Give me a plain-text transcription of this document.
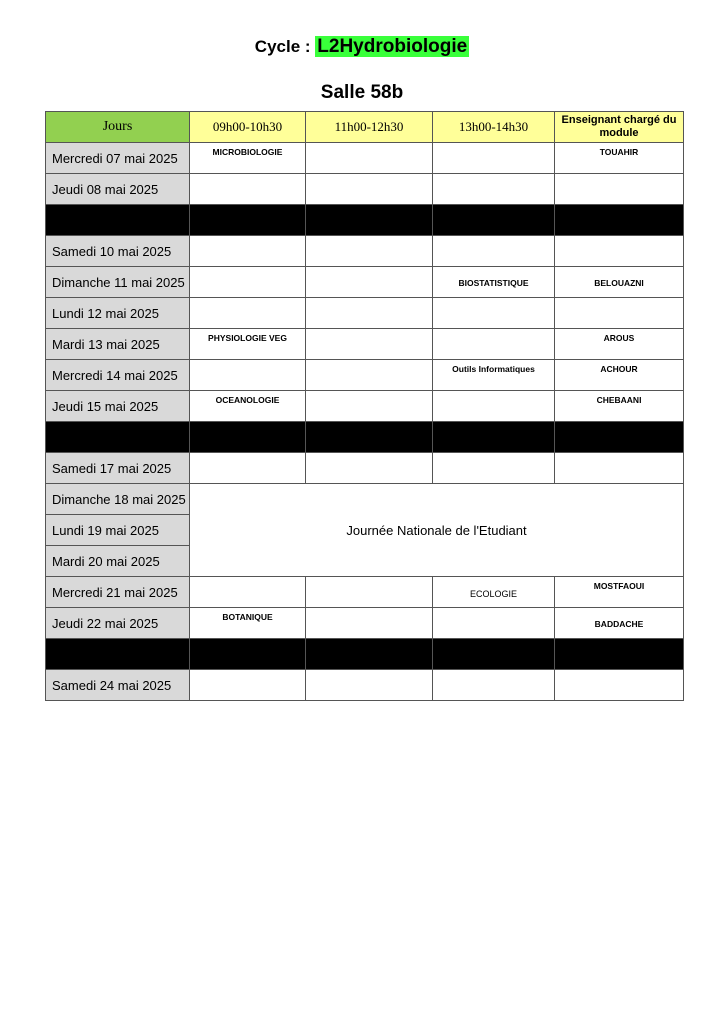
Cycle : L2Hydrobiologie
Salle 58b
Jours	09h00-10h30	11h00-12h30	13h00-14h30	Enseignant chargé du module
Mercredi 07 mai 2025	MICROBIOLOGIE			TOUAHIR

Jeudi 08 mai 2025				

Samedi 10 mai 2025				
Dimanche 11 mai 2025			BIOSTATISTIQUE	BELOUAZNI

Lundi 12 mai 2025				
Mardi 13 mai 2025	PHYSIOLOGIE VEG			AROUS

Mercredi 14 mai 2025			Outils Informatiques	ACHOUR

Jeudi 15 mai 2025	OCEANOLOGIE			CHEBAANI

Samedi 17 mai 2025				
Dimanche 18 mai 2025	Journée Nationale de l'Etudiant			
Lundi 19 mai 2025				
Mardi 20 mai 2025				
Mercredi 21 mai 2025			ECOLOGIE	MOSTFAOUI

Jeudi 22 mai 2025	BOTANIQUE			BADDACHE

Samedi 24 mai 2025				
